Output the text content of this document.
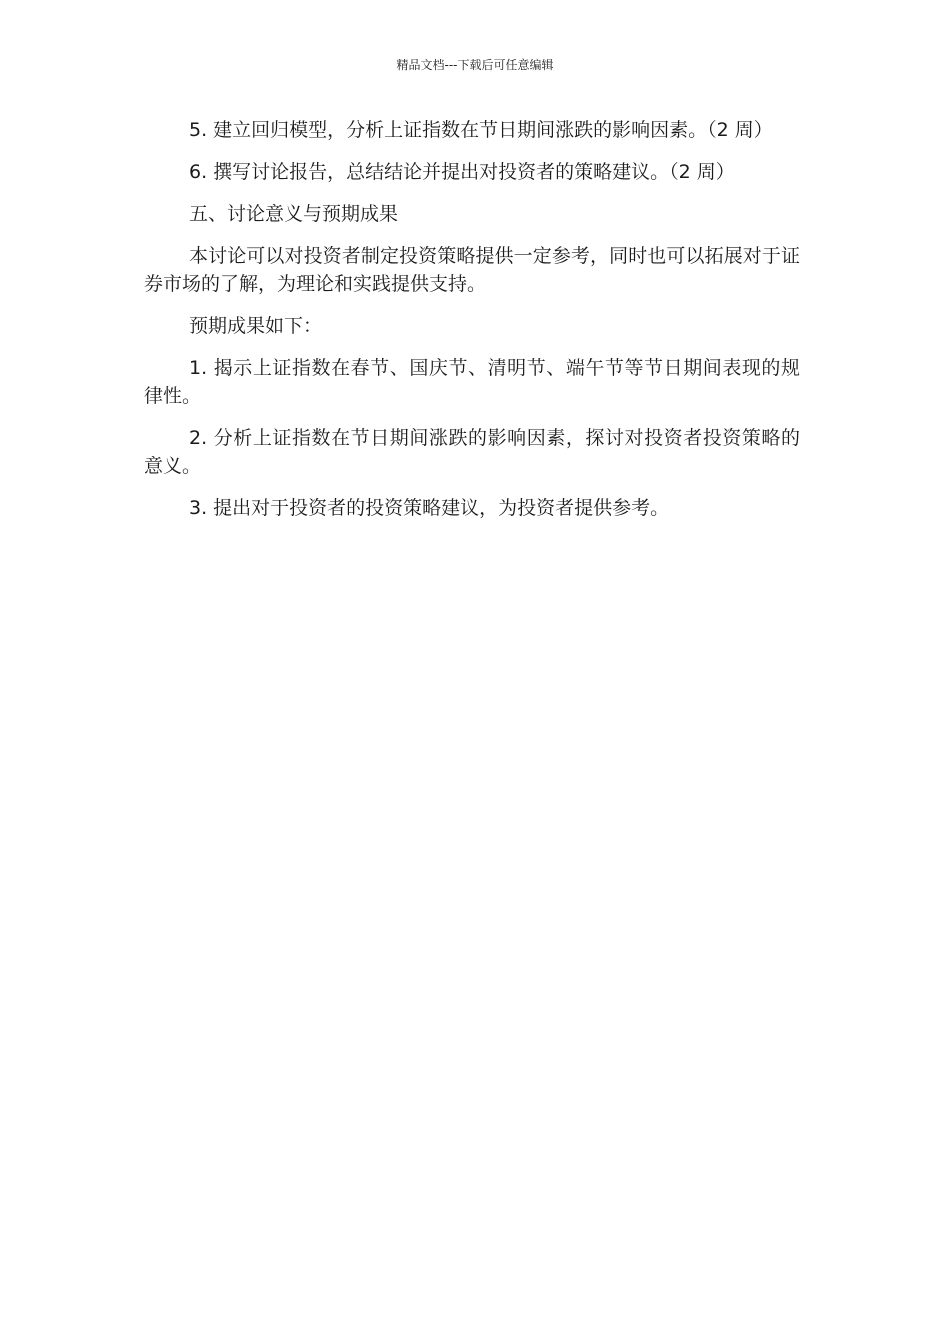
精品文档---下载后可任意编辑

5. 建立回归模型，分析上证指数在节日期间涨跌的影响因素。（2 周）

6. 撰写讨论报告，总结结论并提出对投资者的策略建议。（2 周）

五、讨论意义与预期成果

本讨论可以对投资者制定投资策略提供一定参考，同时也可以拓展对于证券市场的了解，为理论和实践提供支持。

预期成果如下：

1. 揭示上证指数在春节、国庆节、清明节、端午节等节日期间表现的规律性。

2. 分析上证指数在节日期间涨跌的影响因素，探讨对投资者投资策略的意义。

3. 提出对于投资者的投资策略建议，为投资者提供参考。
